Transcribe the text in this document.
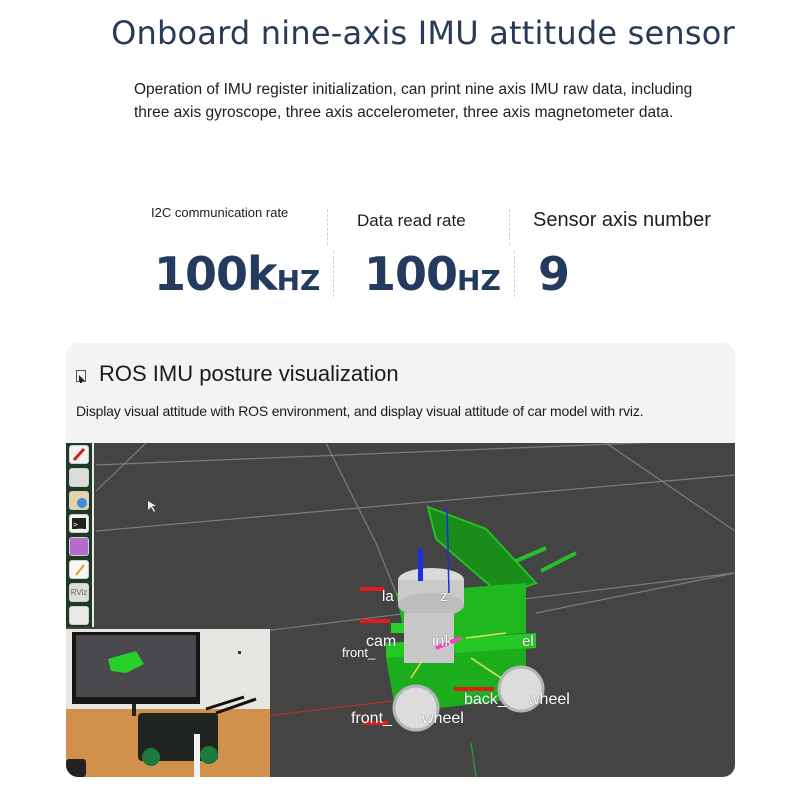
Onboard nine-axis IMU attitude sensor
Operation of IMU register initialization, can print nine axis IMU raw data, including three axis gyroscope, three axis accelerometer, three axis magnetometer data.
I2C communication rate
100kHZ
Data read rate
100HZ
Sensor axis number
9
ROS IMU posture visualization
Display visual attitude with ROS environment, and display visual attitude of car model with rviz.
la	z
cam ink	el
front_
back_ wheel
front_ wheel
>_
RViz
